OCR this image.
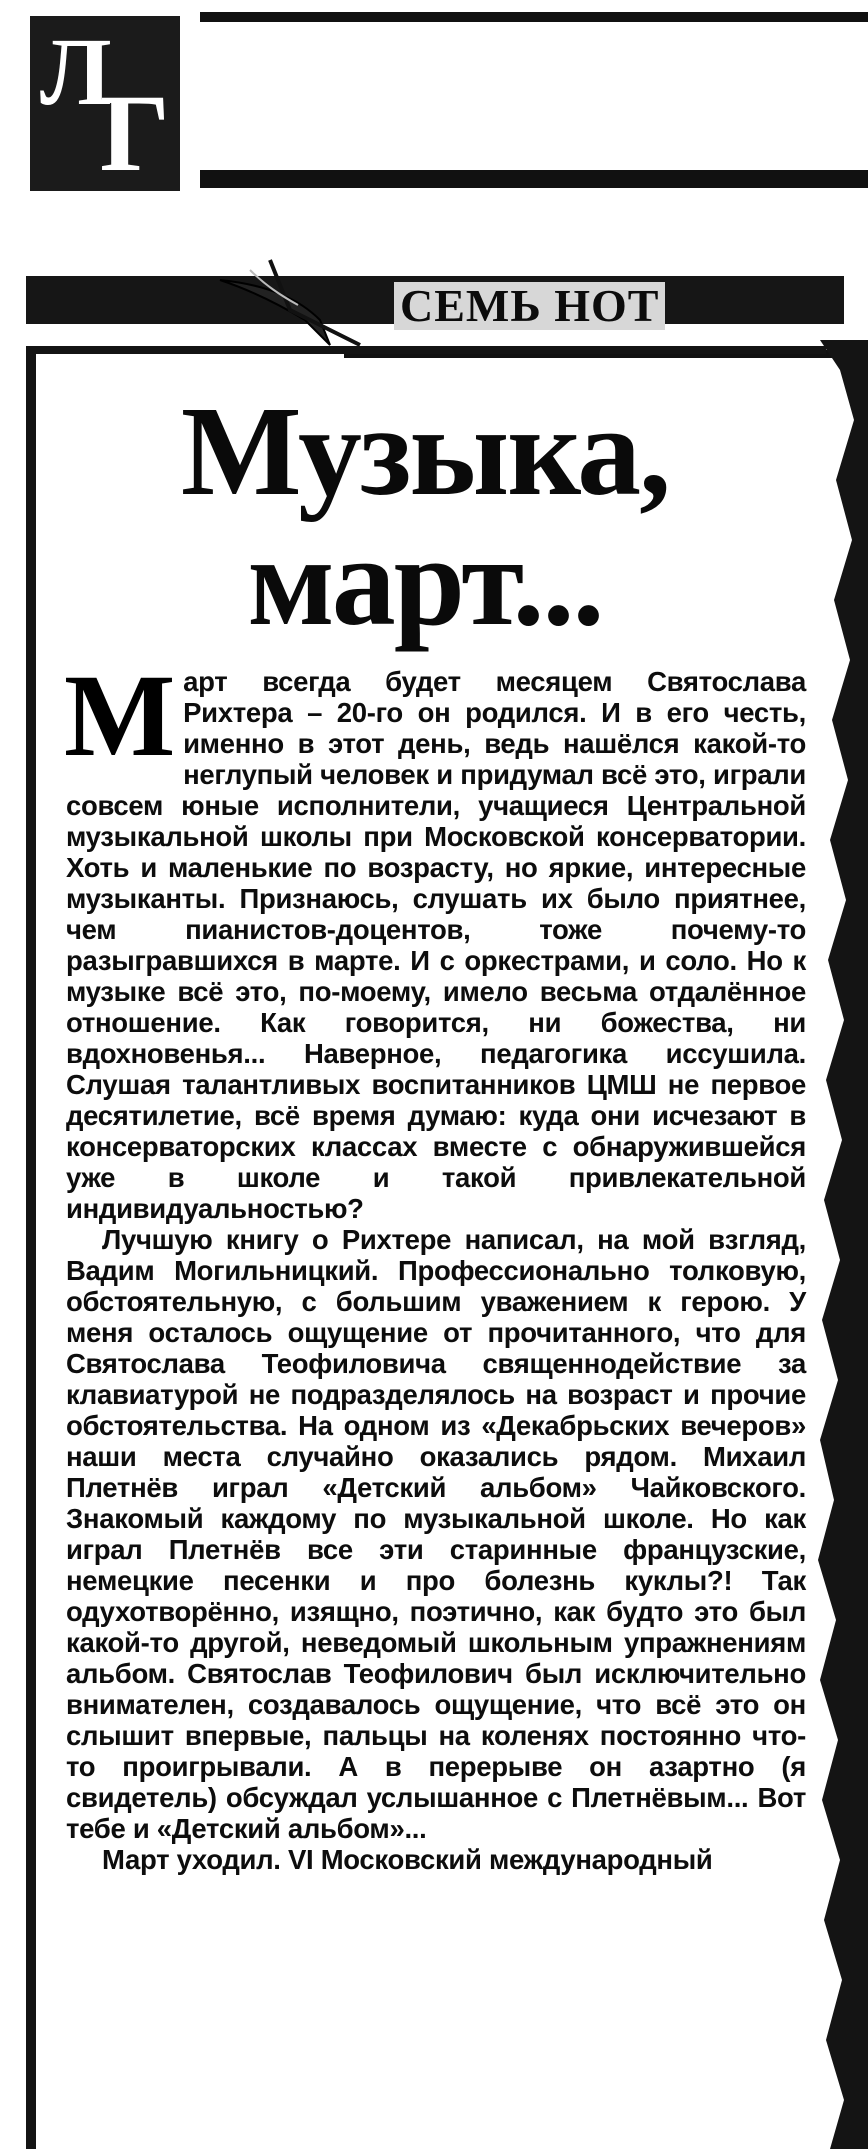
Л
Г
СЕМЬ НОТ
Музыка, март...

Март всегда будет месяцем Святослава Рихтера – 20-го он родился. И в его честь, именно в этот день, ведь нашёлся какой-то неглупый человек и придумал всё это, играли совсем юные исполнители, учащиеся Центральной музыкальной школы при Московской консерватории. Хоть и маленькие по возрасту, но яркие, интересные музыканты. Признаюсь, слушать их было приятнее, чем пианистов-доцентов, тоже почему-то разыгравшихся в марте. И с оркестрами, и соло. Но к музыке всё это, по-моему, имело весьма отдалённое отношение. Как говорится, ни божества, ни вдохновенья... Наверное, педагогика иссушила. Слушая талантливых воспитанников ЦМШ не первое десятилетие, всё время думаю: куда они исчезают в консерваторских классах вместе с обнаружившейся уже в школе и такой привлекательной индивидуальностью?

Лучшую книгу о Рихтере написал, на мой взгляд, Вадим Могильницкий. Профессионально толковую, обстоятельную, с большим уважением к герою. У меня осталось ощущение от прочитанного, что для Святослава Теофиловича священнодействие за клавиатурой не подразделялось на возраст и прочие обстоятельства. На одном из «Декабрьских вечеров» наши места случайно оказались рядом. Михаил Плетнёв играл «Детский альбом» Чайковского. Знакомый каждому по музыкальной школе. Но как играл Плетнёв все эти старинные французские, немецкие песенки и про болезнь куклы?! Так одухотворённо, изящно, поэтично, как будто это был какой-то другой, неведомый школьным упражнениям альбом. Святослав Теофилович был исключительно внимателен, создавалось ощущение, что всё это он слышит впервые, пальцы на коленях постоянно что-то проигрывали. А в перерыве он азартно (я свидетель) обсуждал услышанное с Плетнёвым... Вот тебе и «Детский альбом»...

Март уходил. VI Московский международный
